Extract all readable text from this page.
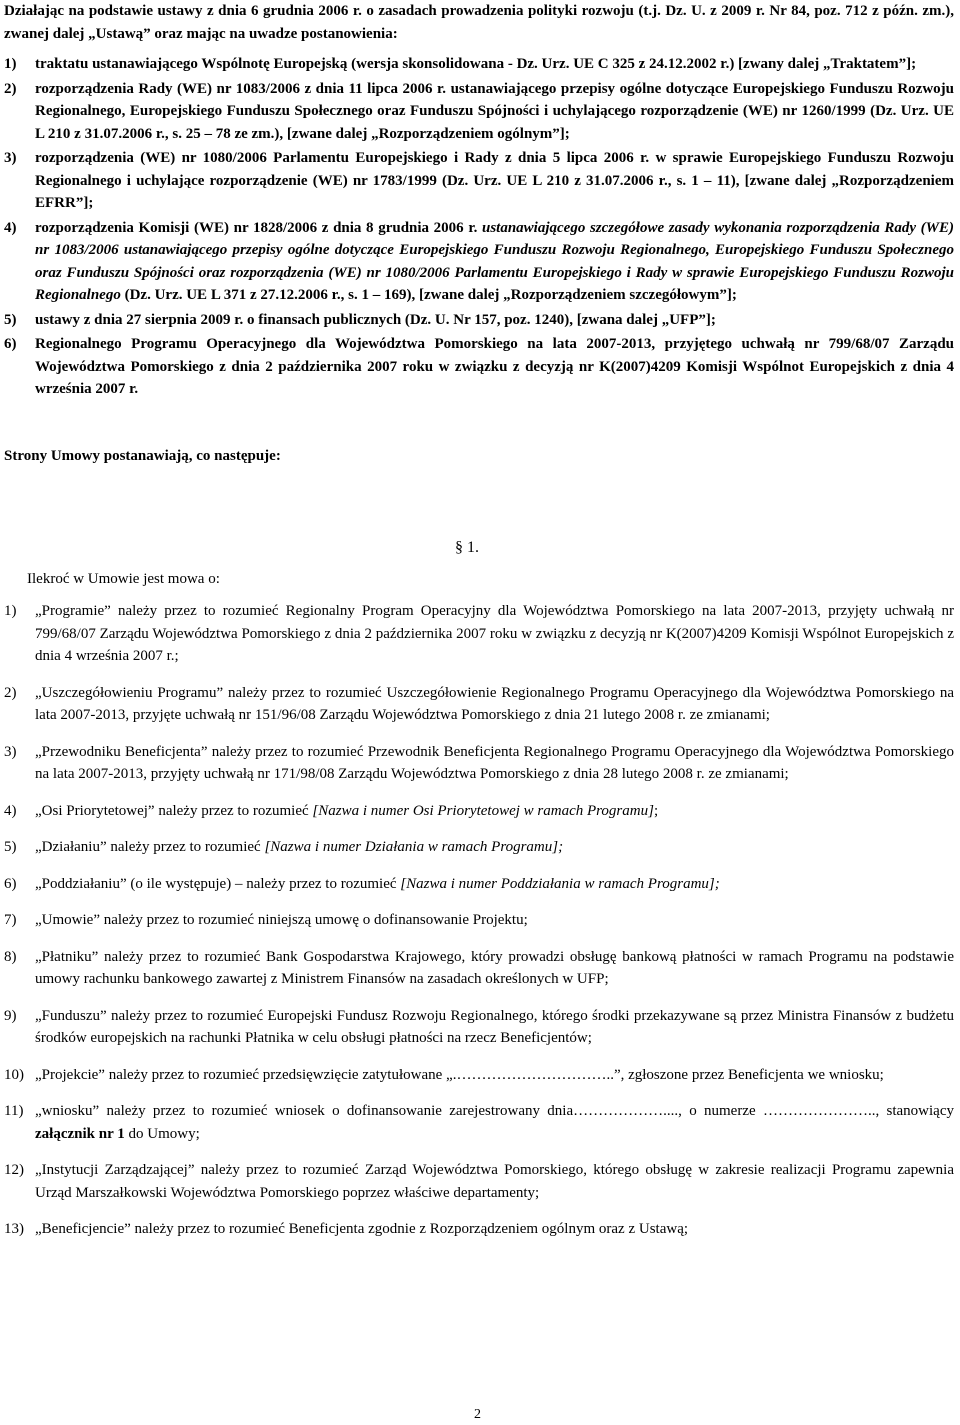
Działając na podstawie ustawy z dnia 6 grudnia 2006 r. o zasadach prowadzenia polityki rozwoju (t.j. Dz. U. z 2009 r. Nr 84, poz. 712 z późn. zm.), zwanej dalej „Ustawą” oraz mając na uwadze postanowienia:

1) traktatu ustanawiającego Wspólnotę Europejską (wersja skonsolidowana - Dz. Urz. UE C 325 z 24.12.2002 r.) [zwany dalej „Traktatem”];
2) rozporządzenia Rady (WE) nr 1083/2006 z dnia 11 lipca 2006 r. ustanawiającego przepisy ogólne dotyczące Europejskiego Funduszu Rozwoju Regionalnego, Europejskiego Funduszu Społecznego oraz Funduszu Spójności i uchylającego rozporządzenie (WE) nr 1260/1999 (Dz. Urz. UE L 210 z 31.07.2006 r., s. 25 – 78 ze zm.), [zwane dalej „Rozporządzeniem ogólnym”];
3) rozporządzenia (WE) nr 1080/2006 Parlamentu Europejskiego i Rady z dnia 5 lipca 2006 r. w sprawie Europejskiego Funduszu Rozwoju Regionalnego i uchylające rozporządzenie (WE) nr 1783/1999 (Dz. Urz. UE L 210 z 31.07.2006 r., s. 1 – 11), [zwane dalej „Rozporządzeniem EFRR”];
4) rozporządzenia Komisji (WE) nr 1828/2006 z dnia 8 grudnia 2006 r. ustanawiającego szczegółowe zasady wykonania rozporządzenia Rady (WE) nr 1083/2006 ustanawiającego przepisy ogólne dotyczące Europejskiego Funduszu Rozwoju Regionalnego, Europejskiego Funduszu Społecznego oraz Funduszu Spójności oraz rozporządzenia (WE) nr 1080/2006 Parlamentu Europejskiego i Rady w sprawie Europejskiego Funduszu Rozwoju Regionalnego (Dz. Urz. UE L 371 z 27.12.2006 r., s. 1 – 169), [zwane dalej „Rozporządzeniem szczegółowym”];
5) ustawy z dnia 27 sierpnia 2009 r. o finansach publicznych (Dz. U. Nr 157, poz. 1240), [zwana dalej „UFP”];
6) Regionalnego Programu Operacyjnego dla Województwa Pomorskiego na lata 2007-2013, przyjętego uchwałą nr 799/68/07 Zarządu Województwa Pomorskiego z dnia 2 października 2007 roku w związku z decyzją nr K(2007)4209 Komisji Wspólnot Europejskich z dnia 4 września 2007 r.
Strony Umowy postanawiają, co następuje:
§ 1.
Ilekroć w Umowie jest mowa o:
1) „Programie” należy przez to rozumieć Regionalny Program Operacyjny dla Województwa Pomorskiego na lata 2007-2013, przyjęty uchwałą nr 799/68/07 Zarządu Województwa Pomorskiego z dnia 2 października 2007 roku w związku z decyzją nr K(2007)4209 Komisji Wspólnot Europejskich z dnia 4 września 2007 r.;
2) „Uszczegółowieniu Programu” należy przez to rozumieć Uszczegółowienie Regionalnego Programu Operacyjnego dla Województwa Pomorskiego na lata 2007-2013, przyjęte uchwałą nr 151/96/08 Zarządu Województwa Pomorskiego z dnia 21 lutego 2008 r. ze zmianami;
3) „Przewodniku Beneficjenta” należy przez to rozumieć Przewodnik Beneficjenta Regionalnego Programu Operacyjnego dla Województwa Pomorskiego na lata 2007-2013, przyjęty uchwałą nr 171/98/08 Zarządu Województwa Pomorskiego z dnia 28 lutego 2008 r. ze zmianami;
4) „Osi Priorytetowej” należy przez to rozumieć [Nazwa i numer Osi Priorytetowej w ramach Programu];
5) „Działaniu” należy przez to rozumieć [Nazwa i numer Działania w ramach Programu];
6) „Poddziałaniu” (o ile występuje) – należy przez to rozumieć [Nazwa i numer Poddziałania w ramach Programu];
7) „Umowie” należy przez to rozumieć niniejszą umowę o dofinansowanie Projektu;
8) „Płatniku” należy przez to rozumieć Bank Gospodarstwa Krajowego, który prowadzi obsługę bankową płatności w ramach Programu na podstawie umowy rachunku bankowego zawartej z Ministrem Finansów na zasadach określonych w UFP;
9) „Funduszu” należy przez to rozumieć Europejski Fundusz Rozwoju Regionalnego, którego środki przekazywane są przez Ministra Finansów z budżetu środków europejskich na rachunki Płatnika w celu obsługi płatności na rzecz Beneficjentów;
10) „Projekcie” należy przez to rozumieć przedsięwzięcie zatytułowane „.…………………………..”, zgłoszone przez Beneficjenta we wniosku;
11) „wniosku” należy przez to rozumieć wniosek o dofinansowanie zarejestrowany dnia………………...., o numerze ………………….., stanowiący załącznik nr 1 do Umowy;
12) „Instytucji Zarządzającej” należy przez to rozumieć Zarząd Województwa Pomorskiego, którego obsługę w zakresie realizacji Programu zapewnia Urząd Marszałkowski Województwa Pomorskiego poprzez właściwe departamenty;
13) „Beneficjencie” należy przez to rozumieć Beneficjenta zgodnie z Rozporządzeniem ogólnym oraz z Ustawą;
2
